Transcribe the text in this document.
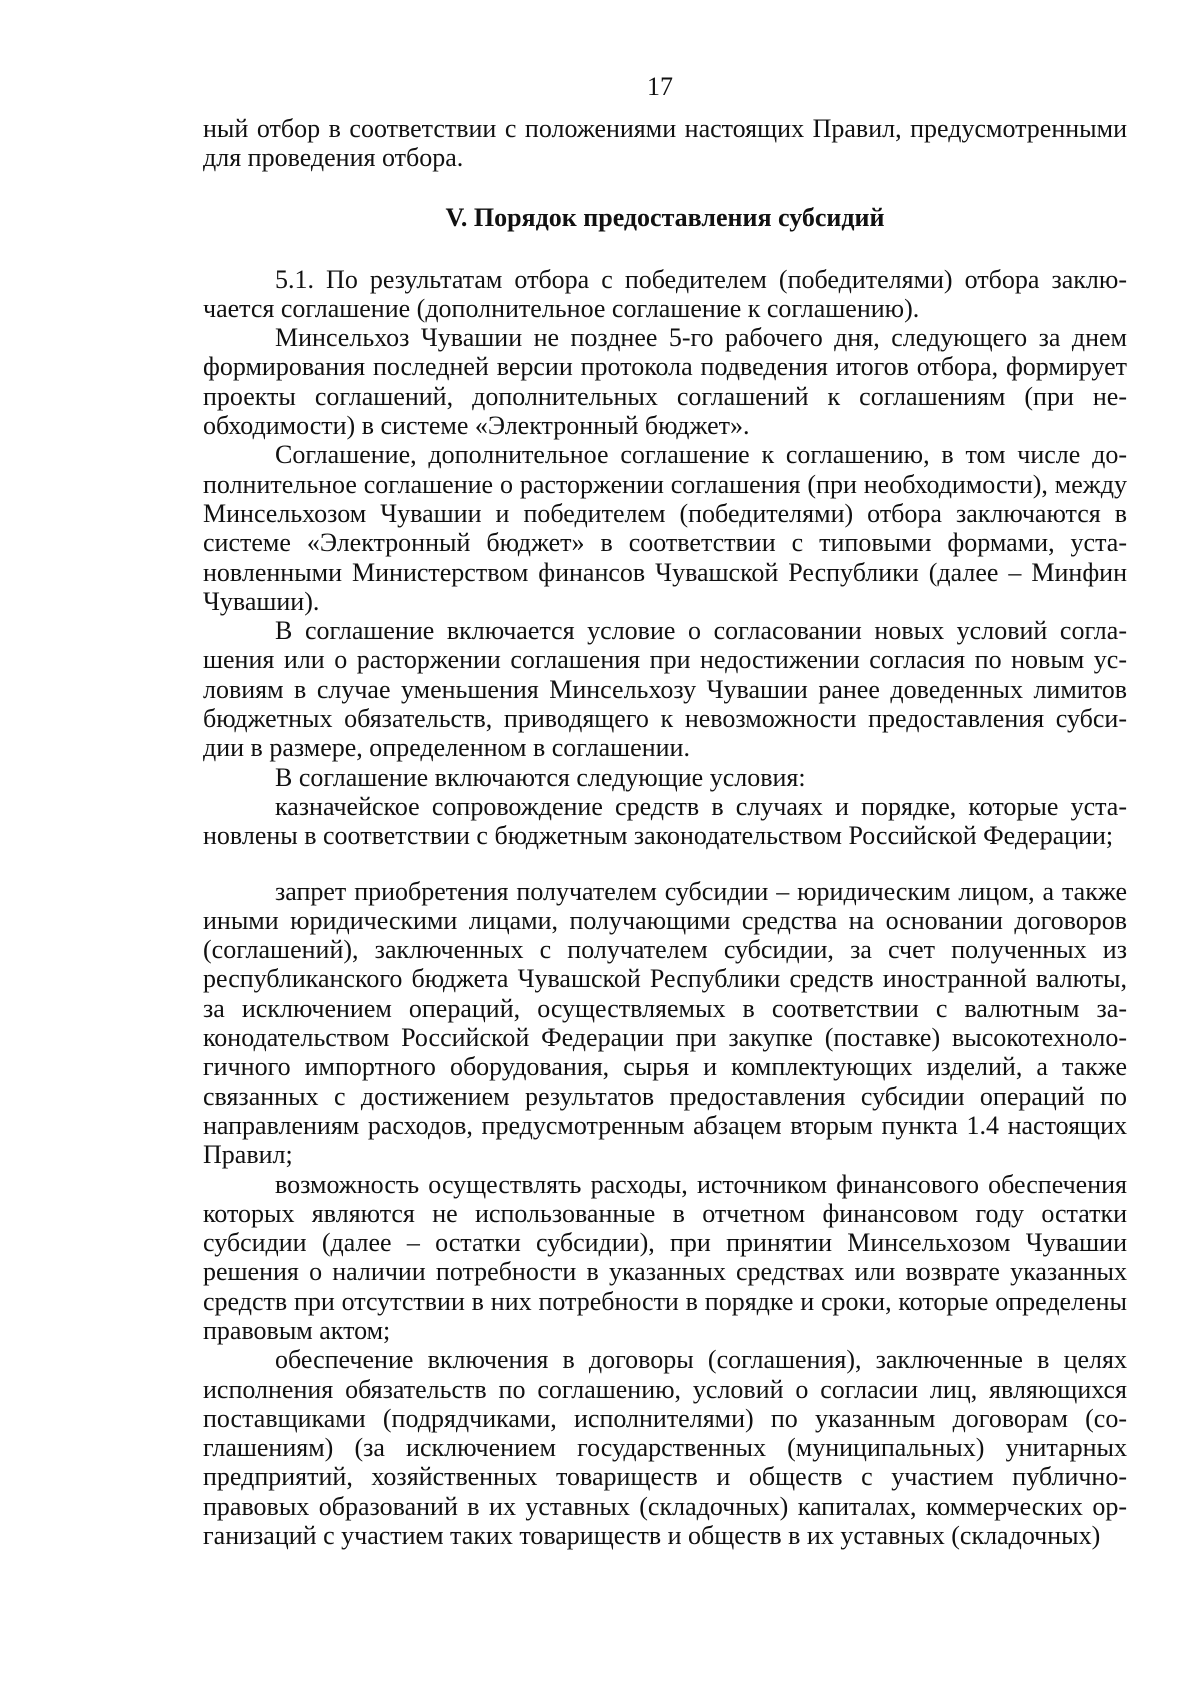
17

ный отбор в соответствии с положениями настоящих Правил, предусмотренными для проведения отбора.

V. Порядок предоставления субсидий

5.1. По результатам отбора с победителем (победителями) отбора заключается соглашение (дополнительное соглашение к соглашению).

Минсельхоз Чувашии не позднее 5-го рабочего дня, следующего за днем формирования последней версии протокола подведения итогов отбора, формирует проекты соглашений, дополнительных соглашений к соглашениям (при необходимости) в системе «Электронный бюджет».

Соглашение, дополнительное соглашение к соглашению, в том числе дополнительное соглашение о расторжении соглашения (при необходимости), между Минсельхозом Чувашии и победителем (победителями) отбора заключаются в системе «Электронный бюджет» в соответствии с типовыми формами, установленными Министерством финансов Чувашской Республики (далее – Минфин Чувашии).

В соглашение включается условие о согласовании новых условий соглашения или о расторжении соглашения при недостижении согласия по новым условиям в случае уменьшения Минсельхозу Чувашии ранее доведенных лимитов бюджетных обязательств, приводящего к невозможности предоставления субсидии в размере, определенном в соглашении.

В соглашение включаются следующие условия:

казначейское сопровождение средств в случаях и порядке, которые установлены в соответствии с бюджетным законодательством Российской Федерации;

запрет приобретения получателем субсидии – юридическим лицом, а также иными юридическими лицами, получающими средства на основании договоров (соглашений), заключенных с получателем субсидии, за счет полученных из республиканского бюджета Чувашской Республики средств иностранной валюты, за исключением операций, осуществляемых в соответствии с валютным законодательством Российской Федерации при закупке (поставке) высокотехнологичного импортного оборудования, сырья и комплектующих изделий, а также связанных с достижением результатов предоставления субсидии операций по направлениям расходов, предусмотренным абзацем вторым пункта 1.4 настоящих Правил;

возможность осуществлять расходы, источником финансового обеспечения которых являются не использованные в отчетном финансовом году остатки субсидии (далее – остатки субсидии), при принятии Минсельхозом Чувашии решения о наличии потребности в указанных средствах или возврате указанных средств при отсутствии в них потребности в порядке и сроки, которые определены правовым актом;

обеспечение включения в договоры (соглашения), заключенные в целях исполнения обязательств по соглашению, условий о согласии лиц, являющихся поставщиками (подрядчиками, исполнителями) по указанным договорам (соглашениям) (за исключением государственных (муниципальных) унитарных предприятий, хозяйственных товариществ и обществ с участием публично-правовых образований в их уставных (складочных) капиталах, коммерческих организаций с участием таких товариществ и обществ в их уставных (складочных)
